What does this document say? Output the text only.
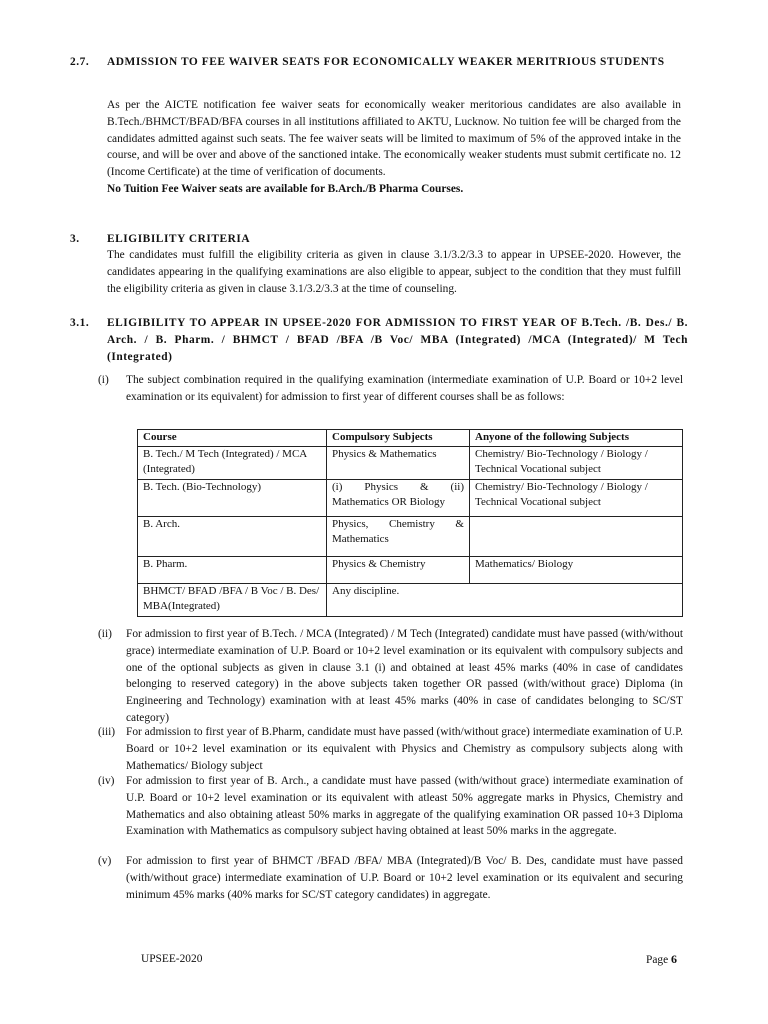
2.7. ADMISSION TO FEE WAIVER SEATS FOR ECONOMICALLY WEAKER MERITRIOUS STUDENTS
As per the AICTE notification fee waiver seats for economically weaker meritorious candidates are also available in B.Tech./BHMCT/BFAD/BFA courses in all institutions affiliated to AKTU, Lucknow. No tuition fee will be charged from the candidates admitted against such seats. The fee waiver seats will be limited to maximum of 5% of the approved intake in the course, and will be over and above of the sanctioned intake. The economically weaker students must submit certificate no. 12 (Income Certificate) at the time of verification of documents.
No Tuition Fee Waiver seats are available for B.Arch./B Pharma Courses.
3. ELIGIBILITY CRITERIA
The candidates must fulfill the eligibility criteria as given in clause 3.1/3.2/3.3 to appear in UPSEE-2020. However, the candidates appearing in the qualifying examinations are also eligible to appear, subject to the condition that they must fulfill the eligibility criteria as given in clause 3.1/3.2/3.3 at the time of counseling.
3.1. ELIGIBILITY TO APPEAR IN UPSEE-2020 FOR ADMISSION TO FIRST YEAR OF B.Tech. /B. Des./ B. Arch. / B. Pharm. / BHMCT / BFAD /BFA /B Voc/ MBA (Integrated) /MCA (Integrated)/ M Tech (Integrated)
(i) The subject combination required in the qualifying examination (intermediate examination of U.P. Board or 10+2 level examination or its equivalent) for admission to first year of different courses shall be as follows:
Course	Compulsory Subjects	Anyone of the following Subjects
B. Tech./ M Tech (Integrated) / MCA (Integrated)	Physics & Mathematics	Chemistry/ Bio-Technology / Biology / Technical Vocational subject
B. Tech. (Bio-Technology)	(i) Physics & (ii) Mathematics OR Biology	Chemistry/ Bio-Technology / Biology / Technical Vocational subject
B. Arch.	Physics, Chemistry & Mathematics	
B. Pharm.	Physics & Chemistry	Mathematics/ Biology
BHMCT/ BFAD /BFA / B Voc / B. Des/ MBA(Integrated)	Any discipline.	
(ii) For admission to first year of B.Tech. / MCA (Integrated) / M Tech (Integrated) candidate must have passed (with/without grace) intermediate examination of U.P. Board or 10+2 level examination or its equivalent with compulsory subjects and one of the optional subjects as given in clause 3.1 (i) and obtained at least 45% marks (40% in case of candidates belonging to reserved category) in the above subjects taken together OR passed (with/without grace) Diploma (in Engineering and Technology) examination with at least 45% marks (40% in case of candidates belonging to SC/ST category)
(iii) For admission to first year of B.Pharm, candidate must have passed (with/without grace) intermediate examination of U.P. Board or 10+2 level examination or its equivalent with Physics and Chemistry as compulsory subjects along with Mathematics/ Biology subject
(iv) For admission to first year of B. Arch., a candidate must have passed (with/without grace) intermediate examination of U.P. Board or 10+2 level examination or its equivalent with atleast 50% aggregate marks in Physics, Chemistry and Mathematics and also obtaining atleast 50% marks in aggregate of the qualifying examination OR passed 10+3 Diploma Examination with Mathematics as compulsory subject having obtained at least 50% marks in the aggregate.
(v) For admission to first year of BHMCT /BFAD /BFA/ MBA (Integrated)/B Voc/ B. Des, candidate must have passed (with/without grace) intermediate examination of U.P. Board or 10+2 level examination or its equivalent and securing minimum 45% marks (40% marks for SC/ST category candidates) in aggregate.
UPSEE-2020	Page 6
